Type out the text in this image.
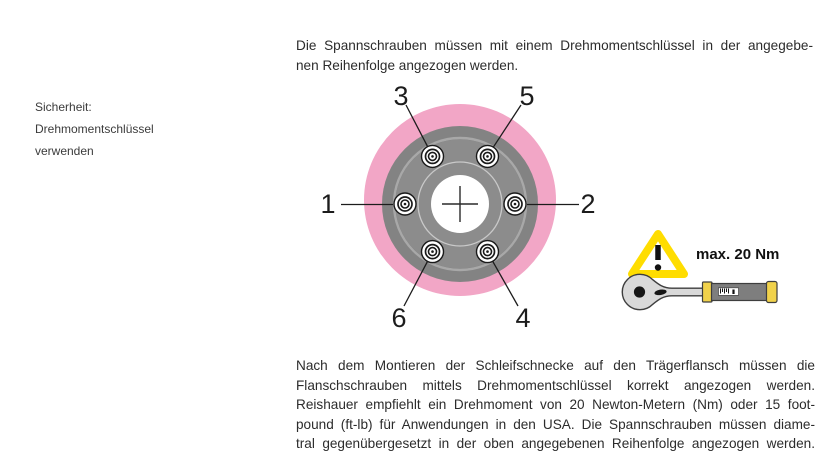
Sicherheit:
Drehmomentschlüssel
verwenden
Die Spannschrauben müssen mit einem Drehmomentschlüssel in der angegebe-
nen Reihenfolge angezogen werden.
1	2
3	5
6	4
max. 20 Nm
Nach dem Montieren der Schleifschnecke auf den Trägerflansch müssen die
Flanschschrauben mittels Drehmomentschlüssel korrekt angezogen werden.
Reishauer empfiehlt ein Drehmoment von 20 Newton-Metern (Nm) oder 15 foot-
pound (ft-lb) für Anwendungen in den USA. Die Spannschrauben müssen diame-
tral gegenübergesetzt in der oben angegebenen Reihenfolge angezogen werden.
